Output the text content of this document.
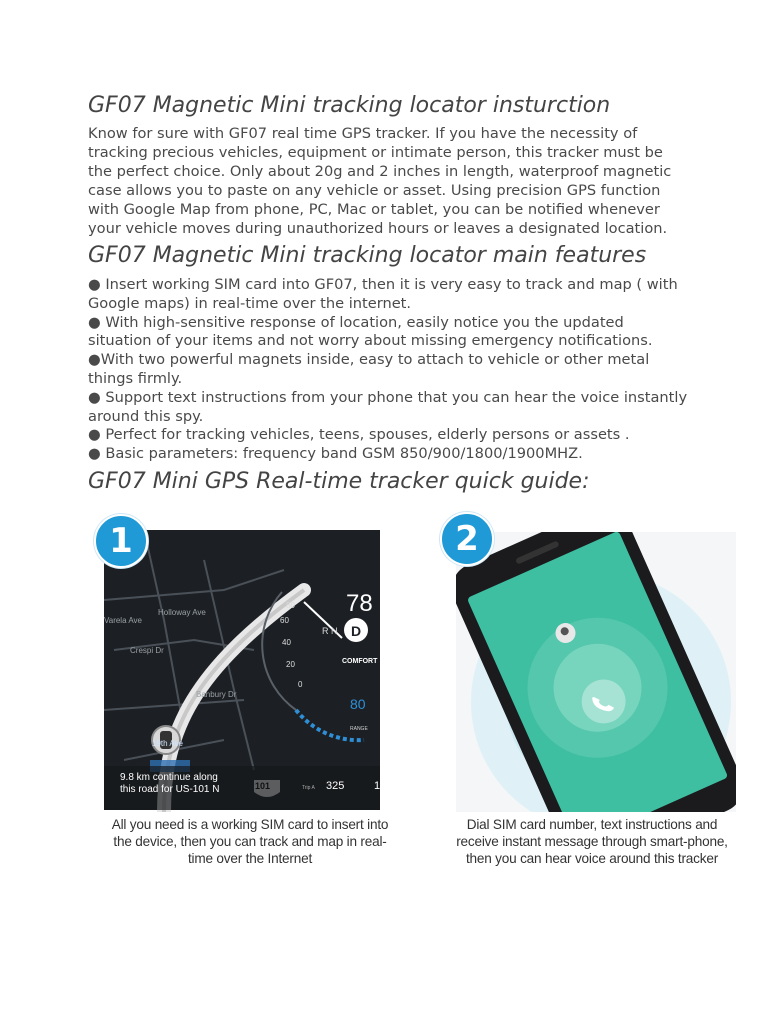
GF07 Magnetic Mini tracking locator insturction

Know for sure with GF07 real time GPS tracker. If you have the necessity of tracking precious vehicles, equipment or intimate person, this tracker must be the perfect choice. Only about 20g and 2 inches in length, waterproof magnetic case allows you to paste on any vehicle or asset. Using precision GPS function with Google Map from phone, PC, Mac or tablet, you can be notified whenever your vehicle moves during unauthorized hours or leaves a designated location.

GF07 Magnetic Mini tracking locator main features
● Insert working SIM card into GF07, then it is very easy to track and map ( with Google maps) in real-time over the internet.
● With high-sensitive response of location, easily notice you the updated situation of your items and not worry about missing emergency notifications.
●With two powerful magnets inside, easy to attach to vehicle or other metal things firmly.
● Support text instructions from your phone that you can hear the voice instantly around this spy.
● Perfect for tracking vehicles, teens, spouses, elderly persons or assets .
● Basic parameters: frequency band GSM 850/900/1800/1900MHZ.
GF07 Mini GPS Real-time tracker quick guide:
1
Holloway Ave
Varela Ave
Crespi Dr
Banbury Dr
19th Ave
80
60
40
20
0
78
R N D
COMFORT
80
RANGE
9.8 km continue along
this road for US-101 N	101	Trip A 325	1
2
All you need is a working SIM card to insert into the device, then you can track and map in real-time over the Internet
Dial SIM card number, text instructions and receive instant message through smart-phone, then you can hear voice around this tracker
